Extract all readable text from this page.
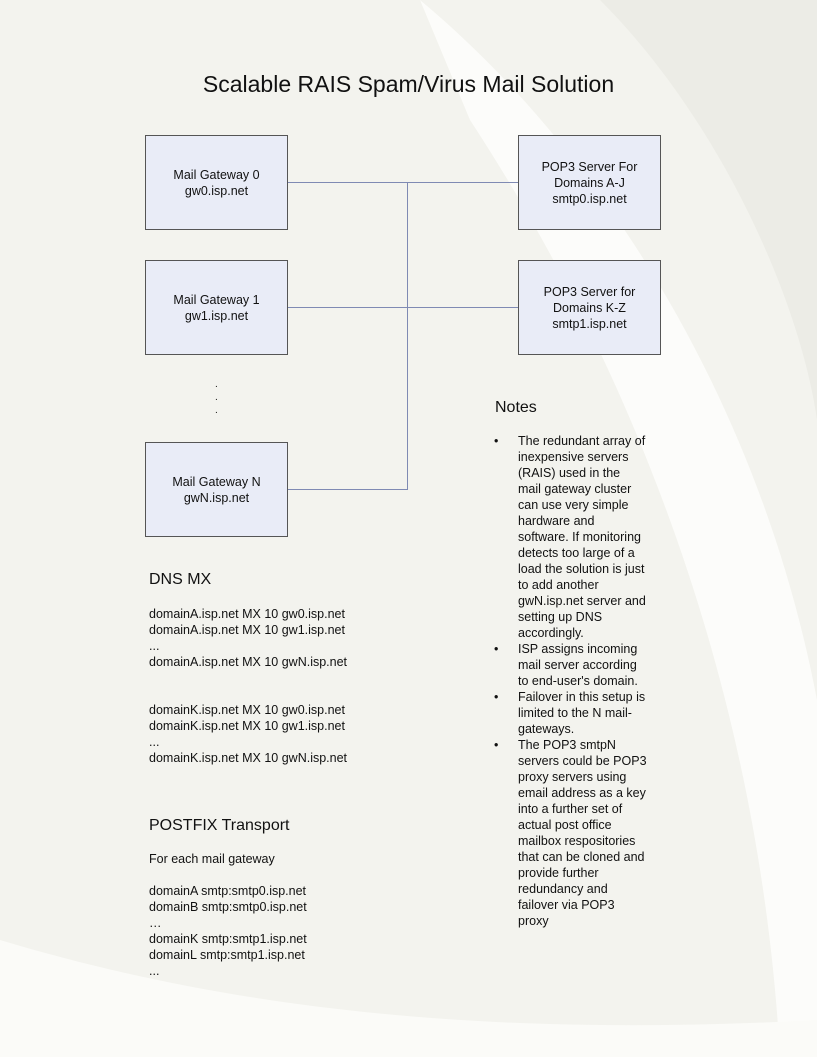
Scalable RAIS Spam/Virus Mail Solution
Mail Gateway 0
gw0.isp.net
Mail Gateway 1
gw1.isp.net
Mail Gateway N
gwN.isp.net
POP3 Server For
Domains A-J
smtp0.isp.net
POP3 Server for
Domains K-Z
smtp1.isp.net
.
.
.	Notes
• The redundant array of
inexpensive servers
(RAIS) used in the
mail gateway cluster
can use very simple
hardware and
software. If monitoring
detects too large of a
load the solution is just
to add another
gwN.isp.net server and
setting up DNS
accordingly.
• ISP assigns incoming
mail server according
to end-user's domain.
• Failover in this setup is
limited to the N mail-
gateways.
• The POP3 smtpN
servers could be POP3
proxy servers using
email address as a key
into a further set of
actual post office
mailbox respositories
that can be cloned and
provide further
redundancy and
failover via POP3
proxy
DNS MX
domainA.isp.net MX 10 gw0.isp.net
domainA.isp.net MX 10 gw1.isp.net
...
domainA.isp.net MX 10 gwN.isp.net
domainK.isp.net MX 10 gw0.isp.net
domainK.isp.net MX 10 gw1.isp.net
...
domainK.isp.net MX 10 gwN.isp.net
POSTFIX Transport
For each mail gateway
domainA smtp:smtp0.isp.net
domainB smtp:smtp0.isp.net
…
domainK smtp:smtp1.isp.net
domainL smtp:smtp1.isp.net
...
